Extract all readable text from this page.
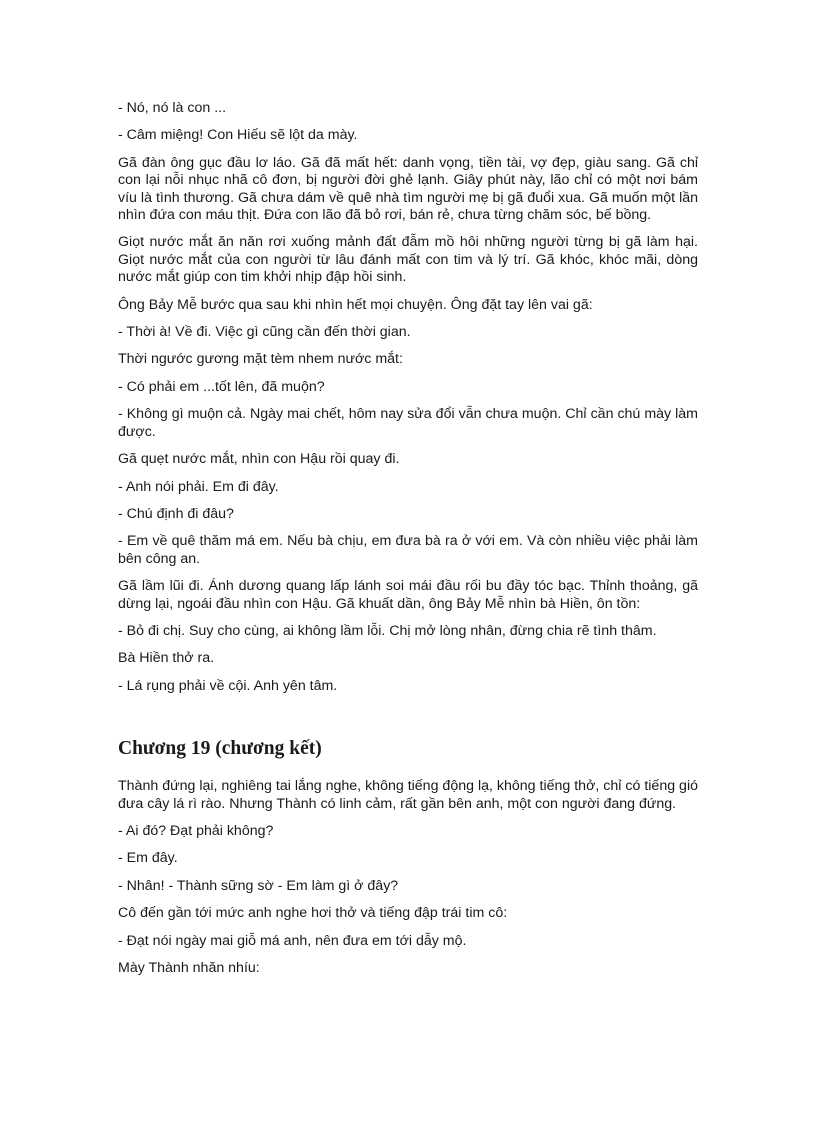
- Nó, nó là con ...

- Câm miệng! Con Hiếu sẽ lột da mày.

Gã đàn ông gục đầu lơ láo. Gã đã mất hết: danh vọng, tiền tài, vợ đẹp, giàu sang. Gã chỉ con lại nỗi nhục nhã cô đơn, bị người đời ghẻ lạnh. Giây phút này, lão chỉ có một nơi bám víu là tình thương. Gã chưa dám về quê nhà tìm người mẹ bị gã đuổi xua. Gã muốn một lần nhìn đứa con máu thịt. Đứa con lão đã bỏ rơi, bán rẻ, chưa từng chăm sóc, bế bồng.

Giọt nước mắt ăn năn rơi xuống mảnh đất đẫm mồ hôi những người từng bị gã làm hại. Giọt nước mắt của con người từ lâu đánh mất con tim và lý trí. Gã khóc, khóc mãi, dòng nước mắt giúp con tim khởi nhịp đập hồi sinh.

Ông Bảy Mễ bước qua sau khi nhìn hết mọi chuyện. Ông đặt tay lên vai gã:

- Thời à! Về đi. Việc gì cũng cần đến thời gian.

Thời ngước gương mặt tèm nhem nước mắt:

- Có phải em ...tốt lên, đã muộn?

- Không gì muộn cả. Ngày mai chết, hôm nay sửa đổi vẫn chưa muộn. Chỉ cần chú mày làm được.

Gã quẹt nước mắt, nhìn con Hậu rồi quay đi.

- Anh nói phải. Em đi đây.

- Chú định đi đâu?

- Em về quê thăm má em. Nếu bà chịu, em đưa bà ra ở với em. Và còn nhiều việc phải làm bên công an.

Gã lầm lũi đi. Ánh dương quang lấp lánh soi mái đầu rối bu đầy tóc bạc. Thỉnh thoảng, gã dừng lại, ngoái đầu nhìn con Hậu. Gã khuất dần, ông Bảy Mễ nhìn bà Hiền, ôn tồn:

- Bỏ đi chị. Suy cho cùng, ai không lầm lỗi. Chị mở lòng nhân, đừng chia rẽ tình thâm.

Bà Hiền thở ra.

- Lá rụng phải về cội. Anh yên tâm.

Chương 19 (chương kết)

Thành đứng lại, nghiêng tai lắng nghe, không tiếng động lạ, không tiếng thở, chỉ có tiếng gió đưa cây lá rì rào. Nhưng Thành có linh cảm, rất gần bên anh, một con người đang đứng.

- Ai đó? Đạt phải không?

- Em đây.

- Nhân! - Thành sững sờ - Em làm gì ở đây?

Cô đến gần tới mức anh nghe hơi thở và tiếng đập trái tim cô:

- Đạt nói ngày mai giỗ má anh, nên đưa em tới dẫy mộ.

Mày Thành nhăn nhíu:
